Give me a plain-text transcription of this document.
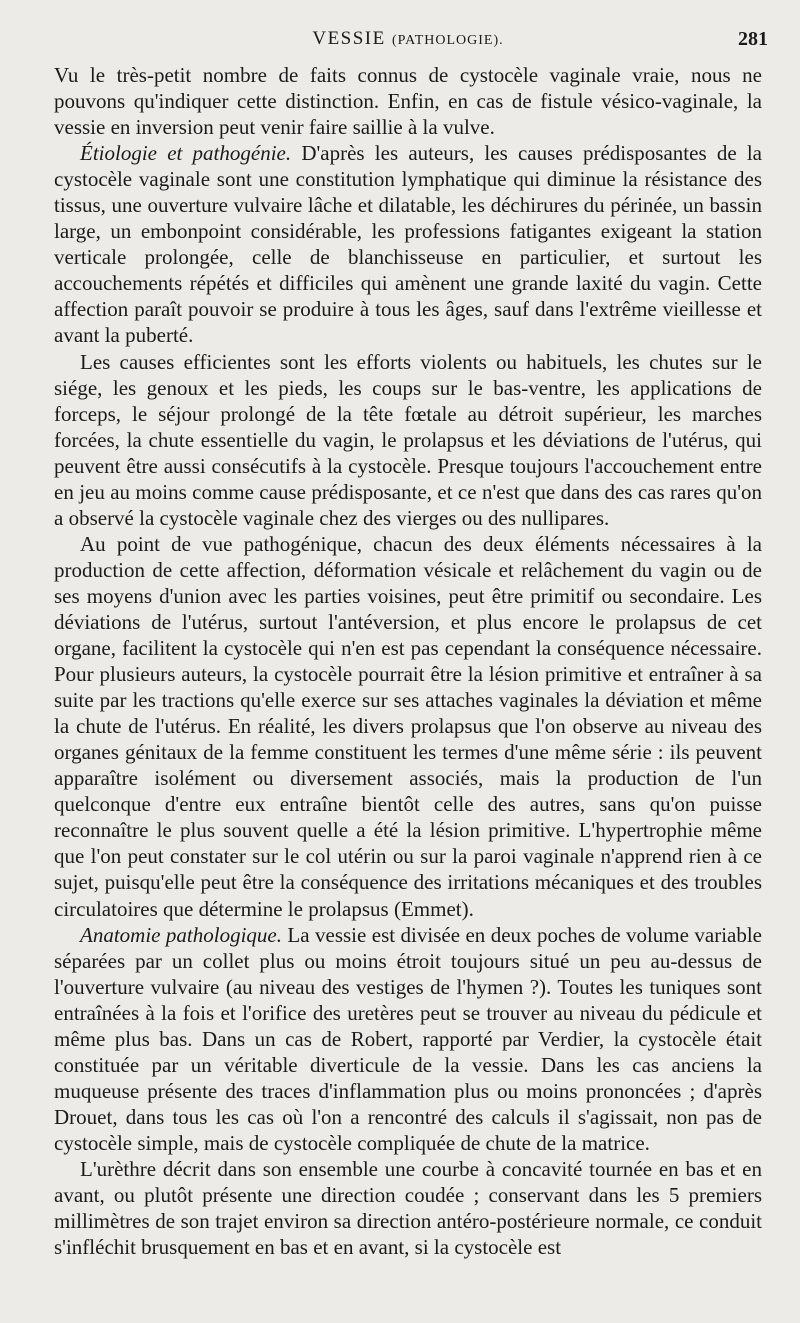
VESSIE (PATHOLOGIE).	281

Vu le très-petit nombre de faits connus de cystocèle vaginale vraie, nous ne pouvons qu'indiquer cette distinction. Enfin, en cas de fistule vésico-vaginale, la vessie en inversion peut venir faire saillie à la vulve.

Étiologie et pathogénie. D'après les auteurs, les causes prédisposantes de la cystocèle vaginale sont une constitution lymphatique qui diminue la résistance des tissus, une ouverture vulvaire lâche et dilatable, les déchirures du périnée, un bassin large, un embonpoint considérable, les professions fatigantes exigeant la station verticale prolongée, celle de blanchisseuse en particulier, et surtout les accouchements répétés et difficiles qui amènent une grande laxité du vagin. Cette affection paraît pouvoir se produire à tous les âges, sauf dans l'extrême vieillesse et avant la puberté.

Les causes efficientes sont les efforts violents ou habituels, les chutes sur le siége, les genoux et les pieds, les coups sur le bas-ventre, les applications de forceps, le séjour prolongé de la tête fœtale au détroit supérieur, les marches forcées, la chute essentielle du vagin, le prolapsus et les déviations de l'utérus, qui peuvent être aussi consécutifs à la cystocèle. Presque toujours l'accouchement entre en jeu au moins comme cause prédisposante, et ce n'est que dans des cas rares qu'on a observé la cystocèle vaginale chez des vierges ou des nullipares.

Au point de vue pathogénique, chacun des deux éléments nécessaires à la production de cette affection, déformation vésicale et relâchement du vagin ou de ses moyens d'union avec les parties voisines, peut être primitif ou secondaire. Les déviations de l'utérus, surtout l'antéversion, et plus encore le prolapsus de cet organe, facilitent la cystocèle qui n'en est pas cependant la conséquence nécessaire. Pour plusieurs auteurs, la cystocèle pourrait être la lésion primitive et entraîner à sa suite par les tractions qu'elle exerce sur ses attaches vaginales la déviation et même la chute de l'utérus. En réalité, les divers prolapsus que l'on observe au niveau des organes génitaux de la femme constituent les termes d'une même série : ils peuvent apparaître isolément ou diversement associés, mais la production de l'un quelconque d'entre eux entraîne bientôt celle des autres, sans qu'on puisse reconnaître le plus souvent quelle a été la lésion primitive. L'hypertrophie même que l'on peut constater sur le col utérin ou sur la paroi vaginale n'apprend rien à ce sujet, puisqu'elle peut être la conséquence des irritations mécaniques et des troubles circulatoires que détermine le prolapsus (Emmet).

Anatomie pathologique. La vessie est divisée en deux poches de volume variable séparées par un collet plus ou moins étroit toujours situé un peu au-dessus de l'ouverture vulvaire (au niveau des vestiges de l'hymen ?). Toutes les tuniques sont entraînées à la fois et l'orifice des uretères peut se trouver au niveau du pédicule et même plus bas. Dans un cas de Robert, rapporté par Verdier, la cystocèle était constituée par un véritable diverticule de la vessie. Dans les cas anciens la muqueuse présente des traces d'inflammation plus ou moins prononcées ; d'après Drouet, dans tous les cas où l'on a rencontré des calculs il s'agissait, non pas de cystocèle simple, mais de cystocèle compliquée de chute de la matrice.

L'urèthre décrit dans son ensemble une courbe à concavité tournée en bas et en avant, ou plutôt présente une direction coudée ; conservant dans les 5 premiers millimètres de son trajet environ sa direction antéro-postérieure normale, ce conduit s'infléchit brusquement en bas et en avant, si la cystocèle est
